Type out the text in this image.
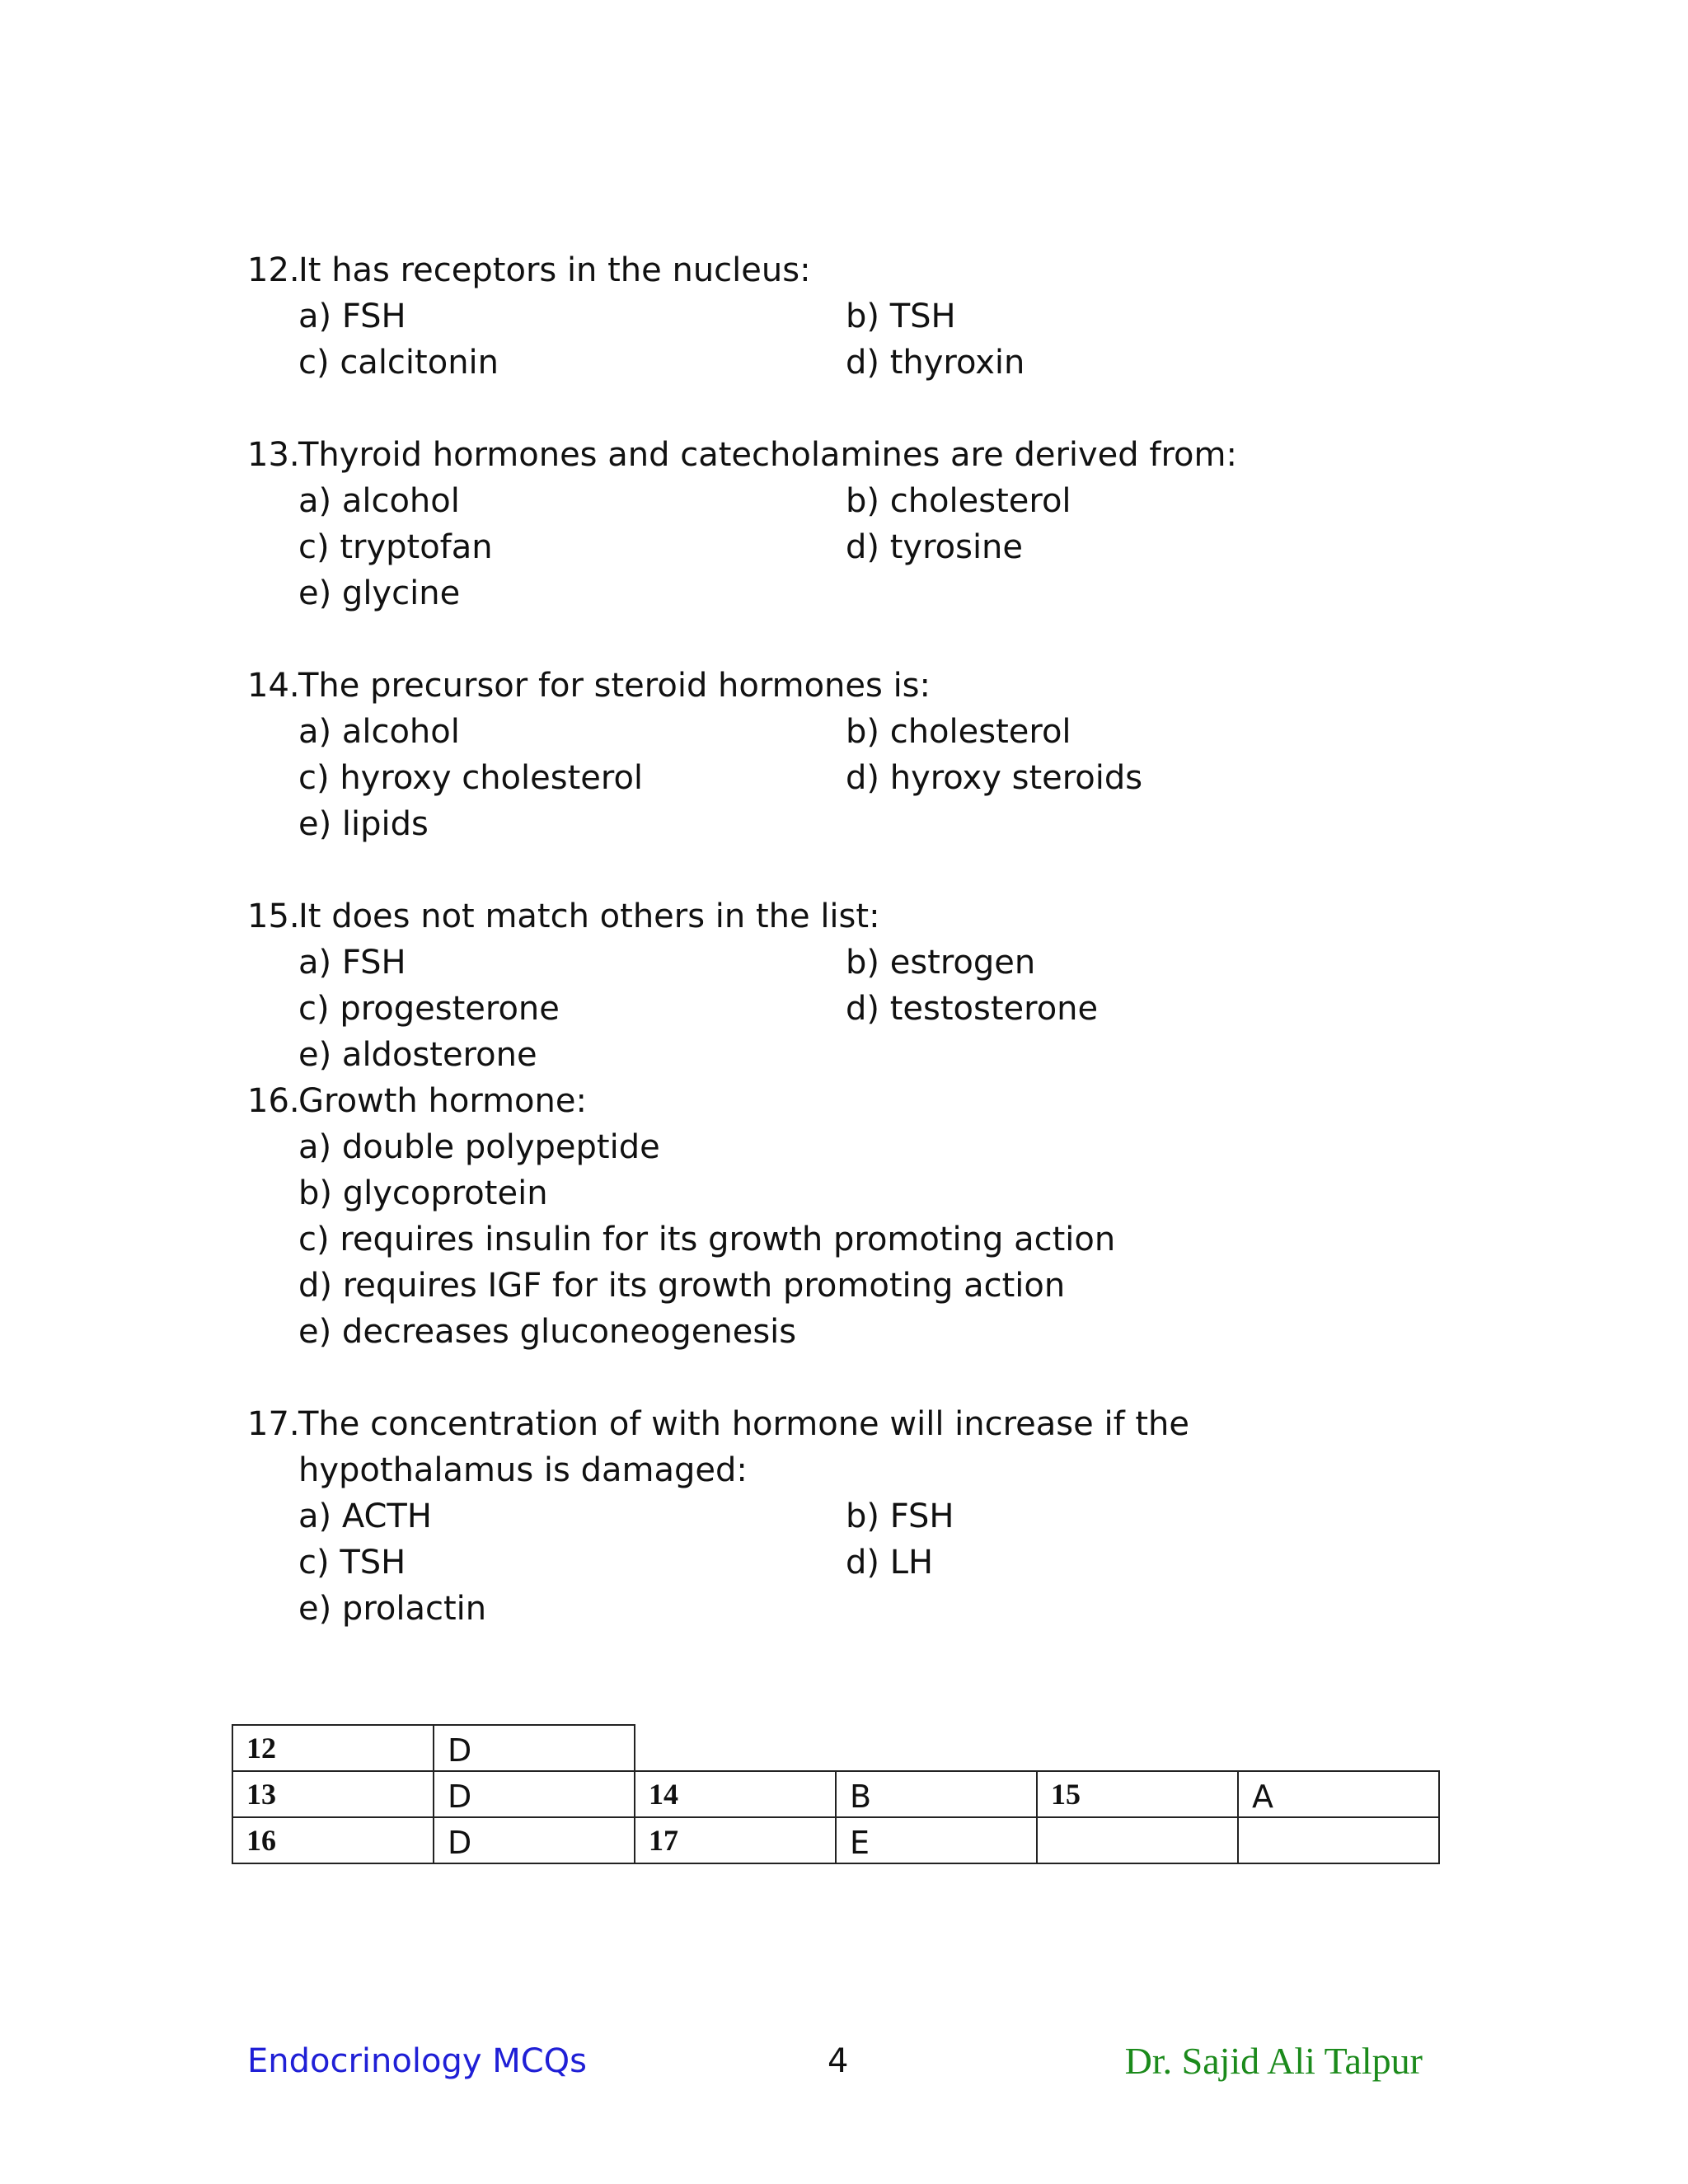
12.
It has receptors in the nucleus:
a) FSH	b) TSH
c) calcitonin	d) thyroxin
13.
Thyroid hormones and catecholamines are derived from:
a) alcohol	b) cholesterol
c) tryptofan	d) tyrosine
e) glycine
14.
The precursor for steroid hormones is:
a) alcohol	b) cholesterol
c) hyroxy cholesterol	d) hyroxy steroids
e) lipids
15.
It does not match others in the list:
a) FSH	b) estrogen
c) progesterone	d) testosterone
e) aldosterone
16.
Growth hormone:
a) double polypeptide
b) glycoprotein
c) requires insulin for its growth promoting action
d) requires IGF for its growth promoting action
e) decreases gluconeogenesis
17.
The concentration of with hormone will increase if the hypothalamus is damaged:
a) ACTH	b) FSH
c) TSH	d) LH
e) prolactin
12	D				
13	D	14	B	15	A
16	D	17	E		
Endocrinology MCQs	4	Dr. Sajid Ali Talpur
